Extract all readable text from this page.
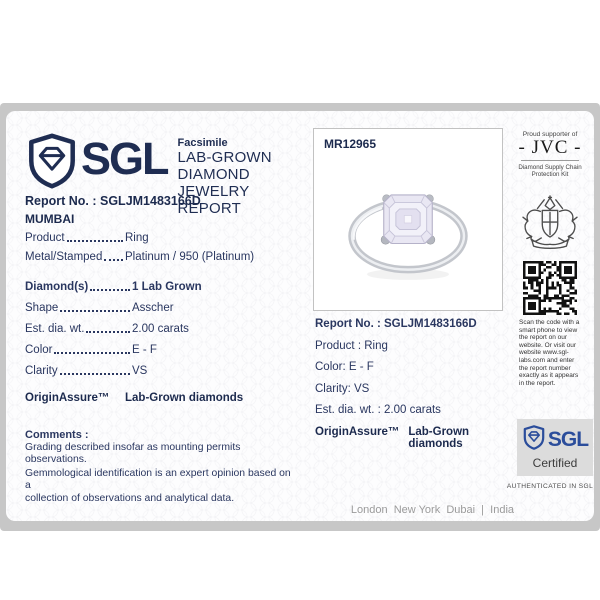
SGL Facsimile
LAB-GROWN DIAMOND
JEWELRY REPORT
Report No. : SGLJM1483166D
MUMBAI
Product	Ring
Metal/Stamped Platinum / 950 (Platinum)
Diamond(s)	1 Lab Grown
Shape	Asscher
Est. dia. wt.	2.00 carats
Color	E - F
Clarity	VS
OriginAssure™	Lab-Grown diamonds
Comments :
Grading described insofar as mounting permits observations.
Gemmological identification is an expert opinion based on a
collection of observations and analytical data.
MR12965
Report No. : SGLJM1483166D
Product : Ring
Color: E - F
Clarity: VS
Est. dia. wt. : 2.00 carats
OriginAssure™ Lab-Grown diamonds
Proud supporter of
- JVC -
Diamond Supply Chain Protection Kit
Scan the code with a smart phone to view the report on our website. Or visit our website www.sgl-labs.com and enter the report number exactly as it appears in the report.
SGL
Certified
AUTHENTICATED IN SGL
London  New York  Dubai  |  India
